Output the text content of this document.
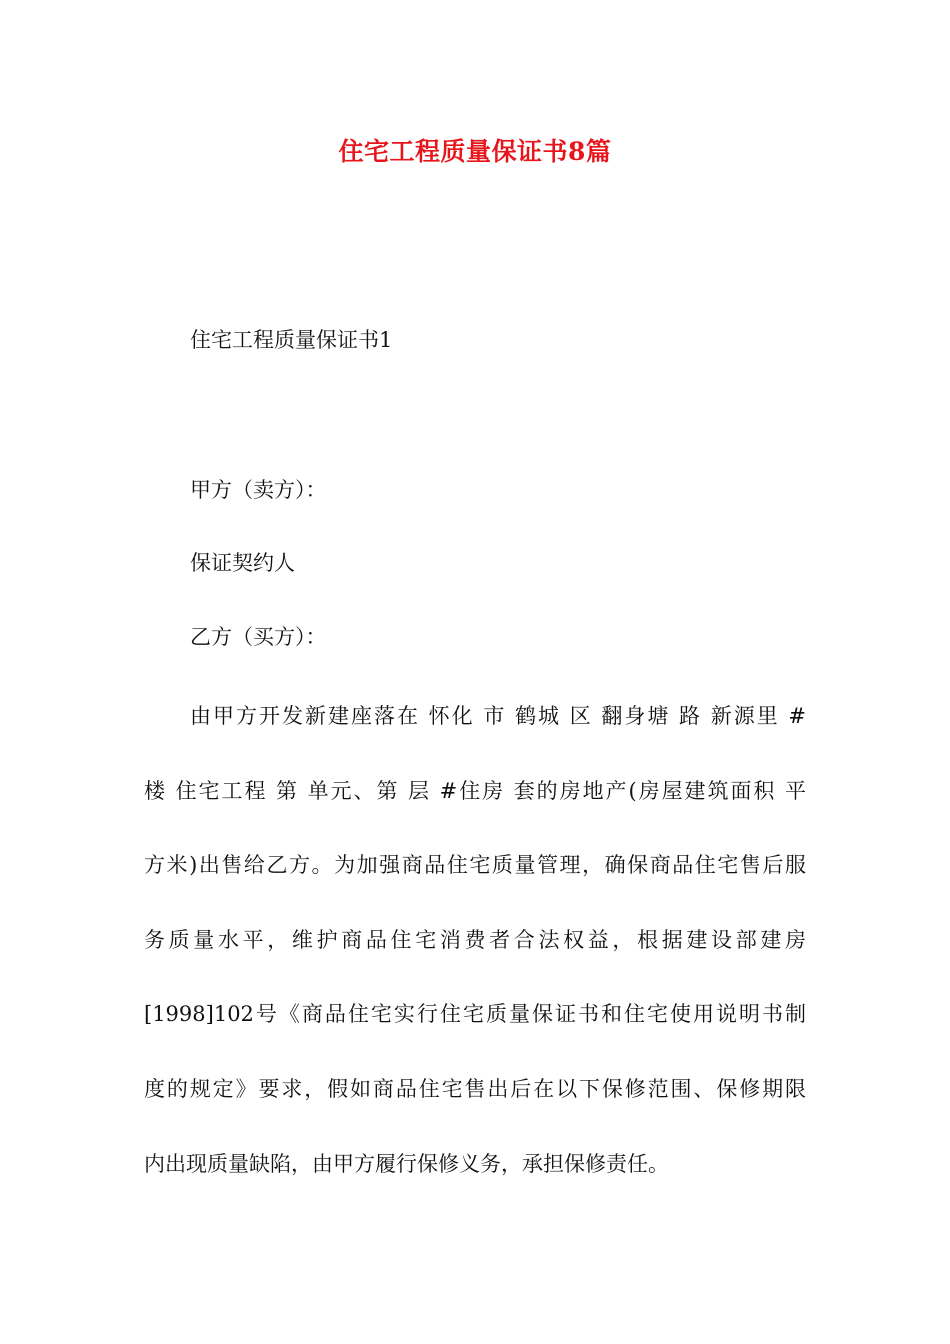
住宅工程质量保证书8篇

住宅工程质量保证书1

甲方（卖方）：

保证契约人

乙方（买方）：

由甲方开发新建座落在 怀化 市 鹤城 区 翻身塘 路 新源里 #

楼 住宅工程 第 单元、第 层 #住房 套的房地产(房屋建筑面积 平

方米)出售给乙方。为加强商品住宅质量管理，确保商品住宅售后服

务质量水平，维护商品住宅消费者合法权益，根据建设部建房

[1998]102号《商品住宅实行住宅质量保证书和住宅使用说明书制

度的规定》要求，假如商品住宅售出后在以下保修范围、保修期限

内出现质量缺陷，由甲方履行保修义务，承担保修责任。
